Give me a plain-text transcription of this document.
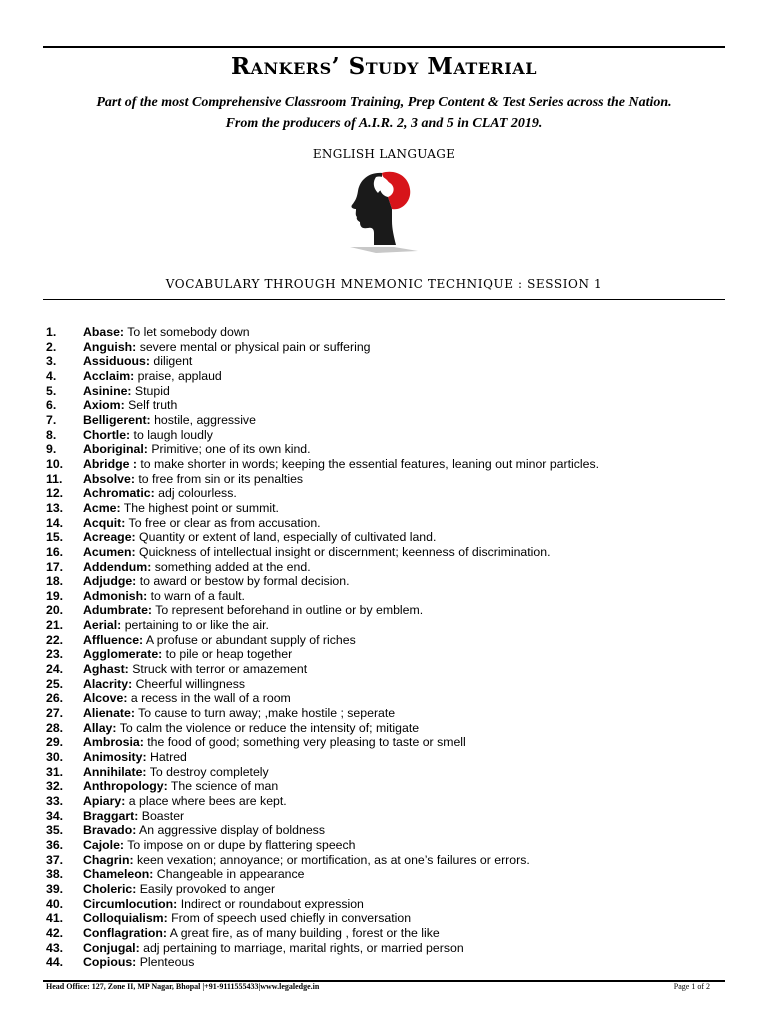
Rankers’ Study Material
Part of the most Comprehensive Classroom Training, Prep Content & Test Series across the Nation.
From the producers of A.I.R. 2, 3 and 5 in CLAT 2019.
ENGLISH LANGUAGE
VOCABULARY THROUGH MNEMONIC TECHNIQUE : SESSION 1
1. Abase: To let somebody down
2. Anguish: severe mental or physical pain or suffering
3. Assiduous: diligent
4. Acclaim: praise, applaud
5. Asinine: Stupid
6. Axiom: Self truth
7. Belligerent: hostile, aggressive
8. Chortle: to laugh loudly
9. Aboriginal: Primitive; one of its own kind.
10. Abridge : to make shorter in words; keeping the essential features, leaning out minor particles.
11. Absolve: to free from sin or its penalties
12. Achromatic: adj colourless.
13. Acme: The highest point or summit.
14. Acquit: To free or clear as from accusation.
15. Acreage: Quantity or extent of land, especially of cultivated land.
16. Acumen: Quickness of intellectual insight or discernment; keenness of discrimination.
17. Addendum: something added at the end.
18. Adjudge: to award or bestow by formal decision.
19. Admonish: to warn of a fault.
20. Adumbrate: To represent beforehand in outline or by emblem.
21. Aerial: pertaining to or like the air.
22. Affluence: A profuse or abundant supply of riches
23. Agglomerate: to pile or heap together
24. Aghast: Struck with terror or amazement
25. Alacrity: Cheerful willingness
26. Alcove: a recess in the wall of a room
27. Alienate: To cause to turn away; ,make hostile ; seperate
28. Allay: To calm the violence or reduce the intensity of; mitigate
29. Ambrosia: the food of good; something very pleasing to taste or smell
30. Animosity: Hatred
31. Annihilate: To destroy completely
32. Anthropology: The science of man
33. Apiary: a place where bees are kept.
34. Braggart: Boaster
35. Bravado: An aggressive display of boldness
36. Cajole: To impose on or dupe by flattering speech
37. Chagrin: keen vexation; annoyance; or mortification, as at one’s failures or errors.
38. Chameleon: Changeable in appearance
39. Choleric: Easily provoked to anger
40. Circumlocution: Indirect or roundabout expression
41. Colloquialism: From of speech used chiefly in conversation
42. Conflagration: A great fire, as of many building , forest or the like
43. Conjugal: adj pertaining to marriage, marital rights, or married person
44. Copious: Plenteous
Head Office: 127, Zone II, MP Nagar, Bhopal |+91-9111555433|www.legaledge.in	Page 1 of 2
